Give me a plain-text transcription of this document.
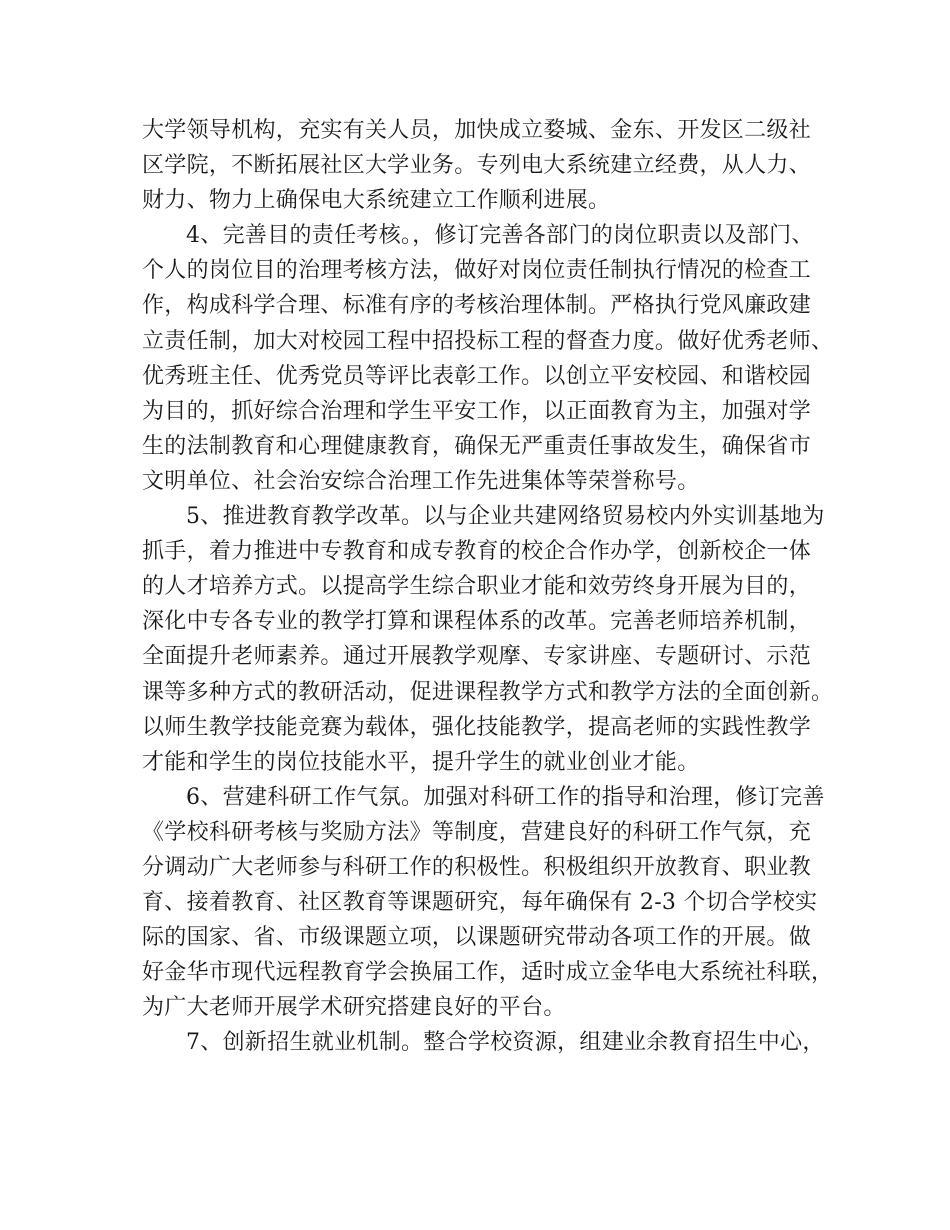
大学领导机构，充实有关人员，加快成立婺城、金东、开发区二级社
区学院，不断拓展社区大学业务。专列电大系统建立经费，从人力、
财力、物力上确保电大系统建立工作顺利进展。
4、完善目的责任考核。，修订完善各部门的岗位职责以及部门、
个人的岗位目的治理考核方法，做好对岗位责任制执行情况的检查工
作，构成科学合理、标准有序的考核治理体制。严格执行党风廉政建
立责任制，加大对校园工程中招投标工程的督查力度。做好优秀老师、
优秀班主任、优秀党员等评比表彰工作。以创立平安校园、和谐校园
为目的，抓好综合治理和学生平安工作，以正面教育为主，加强对学
生的法制教育和心理健康教育，确保无严重责任事故发生，确保省市
文明单位、社会治安综合治理工作先进集体等荣誉称号。
5、推进教育教学改革。以与企业共建网络贸易校内外实训基地为
抓手，着力推进中专教育和成专教育的校企合作办学，创新校企一体
的人才培养方式。以提高学生综合职业才能和效劳终身开展为目的，
深化中专各专业的教学打算和课程体系的改革。完善老师培养机制，
全面提升老师素养。通过开展教学观摩、专家讲座、专题研讨、示范
课等多种方式的教研活动，促进课程教学方式和教学方法的全面创新。
以师生教学技能竞赛为载体，强化技能教学，提高老师的实践性教学
才能和学生的岗位技能水平，提升学生的就业创业才能。
6、营建科研工作气氛。加强对科研工作的指导和治理，修订完善
《学校科研考核与奖励方法》等制度，营建良好的科研工作气氛，充
分调动广大老师参与科研工作的积极性。积极组织开放教育、职业教
育、接着教育、社区教育等课题研究，每年确保有 2-3 个切合学校实
际的国家、省、市级课题立项，以课题研究带动各项工作的开展。做
好金华市现代远程教育学会换届工作，适时成立金华电大系统社科联，
为广大老师开展学术研究搭建良好的平台。
7、创新招生就业机制。整合学校资源，组建业余教育招生中心，
